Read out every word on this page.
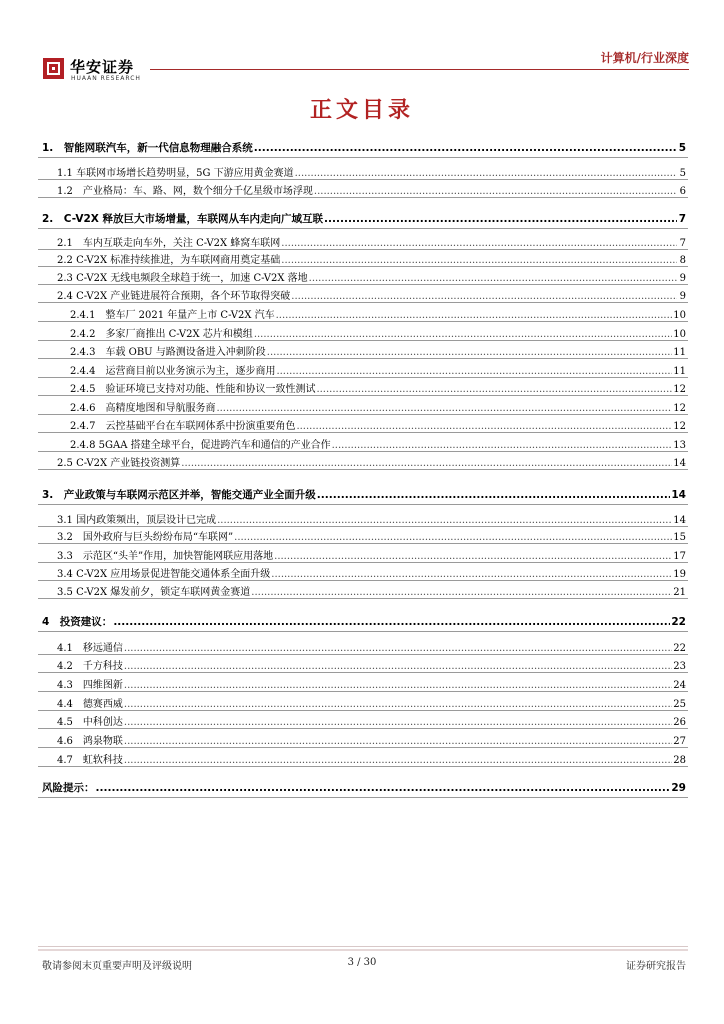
华安证券
HUAAN RESEARCH
计算机/行业深度
正文目录
1.　智能网联汽车，新一代信息物理融合系统 .....	5
1.1 车联网市场增长趋势明显，5G 下游应用黄金赛道 .....	5
1.2　产业格局：车、路、网，数个细分千亿星级市场浮现 .....	6
2.　C-V2X 释放巨大市场增量，车联网从车内走向广域互联 .....	7
2.1　车内互联走向车外，关注 C-V2X 蜂窝车联网 .....	7
2.2 C-V2X 标准持续推进，为车联网商用奠定基础 .....	8
2.3 C-V2X 无线电频段全球趋于统一，加速 C-V2X 落地 .....	9
2.4 C-V2X 产业链进展符合预期，各个环节取得突破 .....	9
2.4.1　整车厂 2021 年量产上市 C-V2X 汽车 .....	10
2.4.2　多家厂商推出 C-V2X 芯片和模组 .....	10
2.4.3　车载 OBU 与路测设备进入冲刺阶段 .....	11
2.4.4　运营商目前以业务演示为主，逐步商用 .....	11
2.4.5　验证环境已支持对功能、性能和协议一致性测试 .....	12
2.4.6　高精度地图和导航服务商 .....	12
2.4.7　云控基础平台在车联网体系中扮演重要角色 .....	12
2.4.8 5GAA 搭建全球平台，促进跨汽车和通信的产业合作 .....	13
2.5 C-V2X 产业链投资测算 .....	14
3.　产业政策与车联网示范区并举，智能交通产业全面升级 .....	14
3.1 国内政策频出，顶层设计已完成 .....	14
3.2　国外政府与巨头纷纷布局“车联网” .....	15
3.3　示范区“头羊”作用，加快智能网联应用落地 .....	17
3.4 C-V2X 应用场景促进智能交通体系全面升级 .....	19
3.5 C-V2X 爆发前夕，锁定车联网黄金赛道 .....	21
4　投资建议： .....	22
4.1　移远通信 .....	22
4.2　千方科技 .....	23
4.3　四维图新 .....	24
4.4　德赛西威 .....	25
4.5　中科创达 .....	26
4.6　鸿泉物联 .....	27
4.7　虹软科技 .....	28
风险提示： .....	29
敬请参阅末页重要声明及评级说明	3 / 30	证券研究报告
